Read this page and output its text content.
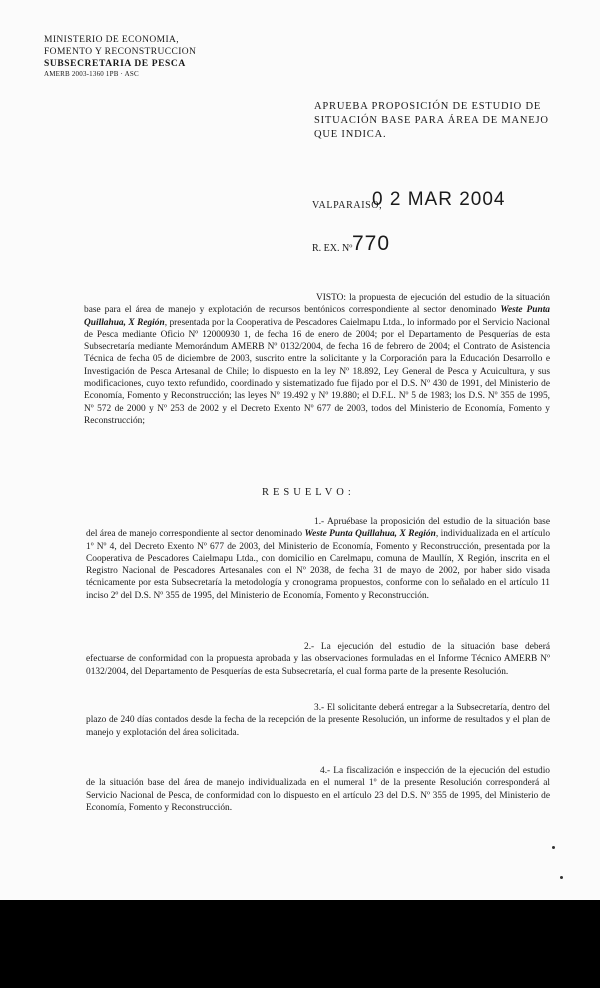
MINISTERIO DE ECONOMIA,
FOMENTO Y RECONSTRUCCION
SUBSECRETARIA DE PESCA
AMERB 2003-1360 1PB · ASC
APRUEBA PROPOSICIÓN DE ESTUDIO DE SITUACIÓN BASE PARA ÁREA DE MANEJO QUE INDICA.
VALPARAISO,
0 2 MAR 2004
R. EX. Nº 770
VISTO: la propuesta de ejecución del estudio de la situación base para el área de manejo y explotación de recursos bentónicos correspondiente al sector denominado Weste Punta Quillahua, X Región, presentada por la Cooperativa de Pescadores Caielmapu Ltda., lo informado por el Servicio Nacional de Pesca mediante Oficio Nº 12000930 1, de fecha 16 de enero de 2004; por el Departamento de Pesquerías de esta Subsecretaría mediante Memorándum AMERB Nº 0132/2004, de fecha 16 de febrero de 2004; el Contrato de Asistencia Técnica de fecha 05 de diciembre de 2003, suscrito entre la solicitante y la Corporación para la Educación Desarrollo e Investigación de Pesca Artesanal de Chile; lo dispuesto en la ley Nº 18.892, Ley General de Pesca y Acuicultura, y sus modificaciones, cuyo texto refundido, coordinado y sistematizado fue fijado por el D.S. Nº 430 de 1991, del Ministerio de Economía, Fomento y Reconstrucción; las leyes Nº 19.492 y Nº 19.880; el D.F.L. Nº 5 de 1983; los D.S. Nº 355 de 1995, Nº 572 de 2000 y Nº 253 de 2002 y el Decreto Exento Nº 677 de 2003, todos del Ministerio de Economía, Fomento y Reconstrucción;
RESUELVO:
1.- Apruébase la proposición del estudio de la situación base del área de manejo correspondiente al sector denominado Weste Punta Quillahua, X Región, individualizada en el artículo 1º Nº 4, del Decreto Exento Nº 677 de 2003, del Ministerio de Economía, Fomento y Reconstrucción, presentada por la Cooperativa de Pescadores Caielmapu Ltda., con domicilio en Carelmapu, comuna de Maullín, X Región, inscrita en el Registro Nacional de Pescadores Artesanales con el Nº 2038, de fecha 31 de mayo de 2002, por haber sido visada técnicamente por esta Subsecretaría la metodología y cronograma propuestos, conforme con lo señalado en el artículo 11 inciso 2º del D.S. Nº 355 de 1995, del Ministerio de Economía, Fomento y Reconstrucción.
2.- La ejecución del estudio de la situación base deberá efectuarse de conformidad con la propuesta aprobada y las observaciones formuladas en el Informe Técnico AMERB Nº 0132/2004, del Departamento de Pesquerías de esta Subsecretaría, el cual forma parte de la presente Resolución.
3.- El solicitante deberá entregar a la Subsecretaría, dentro del plazo de 240 días contados desde la fecha de la recepción de la presente Resolución, un informe de resultados y el plan de manejo y explotación del área solicitada.
4.- La fiscalización e inspección de la ejecución del estudio de la situación base del área de manejo individualizada en el numeral 1º de la presente Resolución corresponderá al Servicio Nacional de Pesca, de conformidad con lo dispuesto en el artículo 23 del D.S. Nº 355 de 1995, del Ministerio de Economía, Fomento y Reconstrucción.
